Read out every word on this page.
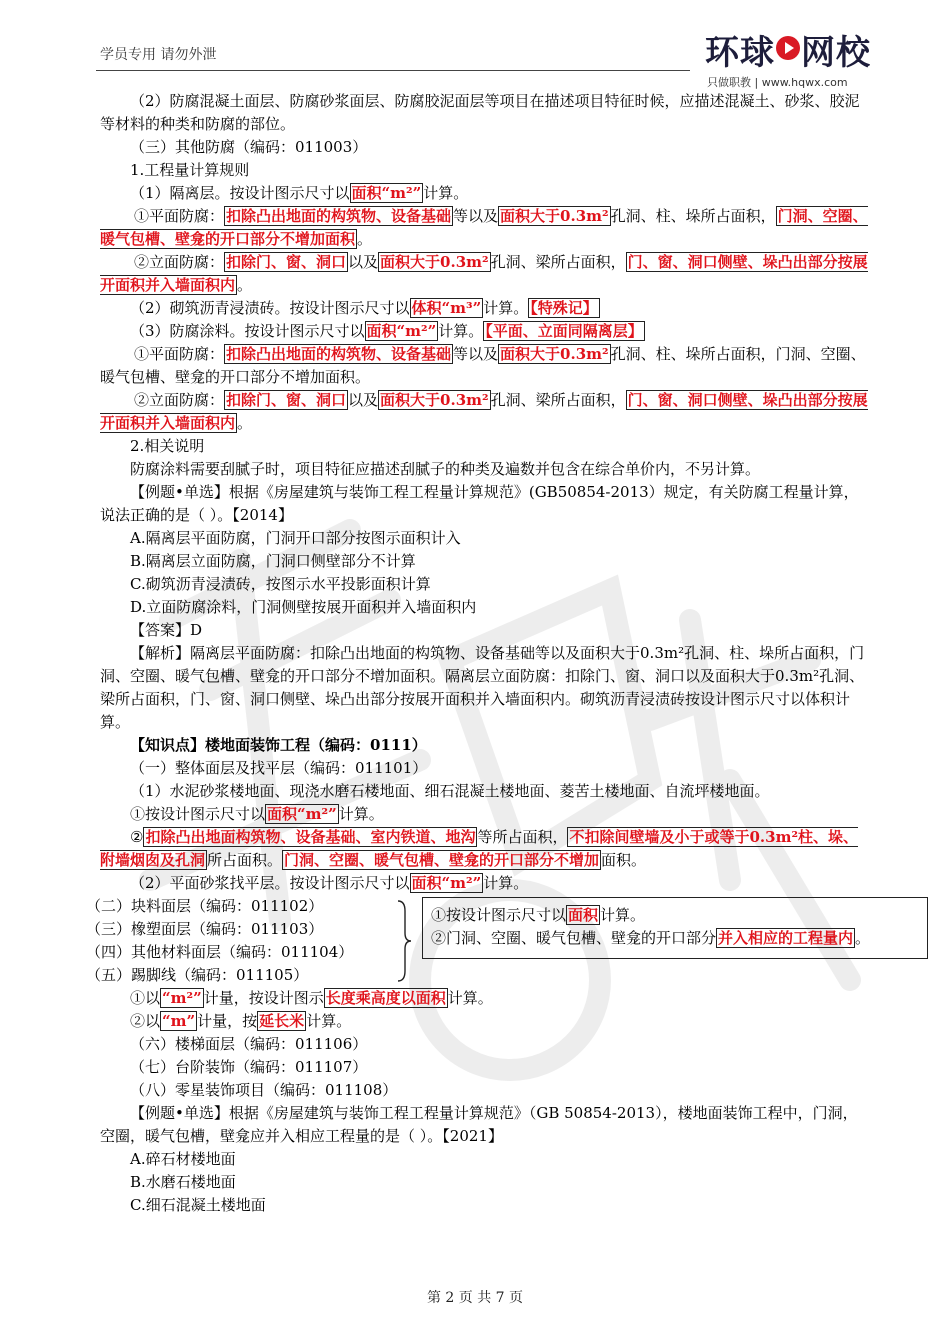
学员专用 请勿外泄	环球 网校
只做职教 | www.hqwx.com

（2）防腐混凝土面层、防腐砂浆面层、防腐胶泥面层等项目在描述项目特征时候，应描述混凝土、砂浆、胶泥等材料的种类和防腐的部位。

（三）其他防腐（编码：011003）

1.工程量计算规则

（1）隔离层。按设计图示尺寸以 面积“m²” 计算。

①平面防腐： 扣除凸出地面的构筑物、设备基础 等以及 面积大于0.3m² 孔洞、柱、垛所占面积， 门洞、空圈、暖气包槽、壁龛的开口部分不增加面积 。

②立面防腐： 扣除门、窗、洞口 以及 面积大于0.3m² 孔洞、梁所占面积， 门、窗、洞口侧壁、垛凸出部分按展开面积并入墙面积内 。

（2）砌筑沥青浸渍砖。按设计图示尺寸以 体积“m³” 计算。 【特殊记】

（3）防腐涂料。按设计图示尺寸以 面积“m²” 计算。 【平面、立面同隔离层】

①平面防腐： 扣除凸出地面的构筑物、设备基础 等以及 面积大于0.3m² 孔洞、柱、垛所占面积，门洞、空圈、暖气包槽、壁龛的开口部分不增加面积。

②立面防腐： 扣除门、窗、洞口 以及 面积大于0.3m² 孔洞、梁所占面积， 门、窗、洞口侧壁、垛凸出部分按展开面积并入墙面积内 。

2.相关说明

防腐涂料需要刮腻子时，项目特征应描述刮腻子的种类及遍数并包含在综合单价内，不另计算。

【例题•单选】根据《房屋建筑与装饰工程工程量计算规范》(GB50854-2013）规定，有关防腐工程量计算，说法正确的是（ ）。【2014】

A.隔离层平面防腐，门洞开口部分按图示面积计入

B.隔离层立面防腐，门洞口侧壁部分不计算

C.砌筑沥青浸渍砖，按图示水平投影面积计算

D.立面防腐涂料，门洞侧壁按展开面积并入墙面积内

【答案】D

【解析】隔离层平面防腐：扣除凸出地面的构筑物、设备基础等以及面积大于0.3m²孔洞、柱、垛所占面积，门洞、空圈、暖气包槽、壁龛的开口部分不增加面积。隔离层立面防腐：扣除门、窗、洞口以及面积大于0.3m²孔洞、梁所占面积，门、窗、洞口侧壁、垛凸出部分按展开面积并入墙面积内。砌筑沥青浸渍砖按设计图示尺寸以体积计算。

【知识点】楼地面装饰工程（编码：0111）

（一）整体面层及找平层（编码：011101）

（1）水泥砂浆楼地面、现浇水磨石楼地面、细石混凝土楼地面、菱苦土楼地面、自流坪楼地面。

①按设计图示尺寸以 面积“m²” 计算。

② 扣除凸出地面构筑物、设备基础、室内铁道、地沟 等所占面积， 不扣除间壁墙及小于或等于0.3m²柱、垛、附墙烟囱及孔洞 所占面积。 门洞、空圈、暖气包槽、壁龛的开口部分不增加 面积。

（2）平面砂浆找平层。按设计图示尺寸以 面积“m²” 计算。

（二）块料面层（编码：011102）

（三）橡塑面层（编码：011103）

（四）其他材料面层（编码：011104）

（五）踢脚线（编码：011105）

①按设计图示尺寸以 面积 计算。

②门洞、空圈、暖气包槽、壁龛的开口部分 并入相应的工程量内 。

①以 “m²” 计量，按设计图示 长度乘高度以面积 计算。

②以 “m” 计量，按 延长米 计算。

（六）楼梯面层（编码：011106）

（七）台阶装饰（编码：011107）

（八）零星装饰项目（编码：011108）

【例题•单选】根据《房屋建筑与装饰工程工程量计算规范》（GB 50854-2013），楼地面装饰工程中，门洞，空圈，暖气包槽，壁龛应并入相应工程量的是（ ）。【2021】

A.碎石材楼地面

B.水磨石楼地面

C.细石混凝土楼地面

第 2 页 共 7 页
